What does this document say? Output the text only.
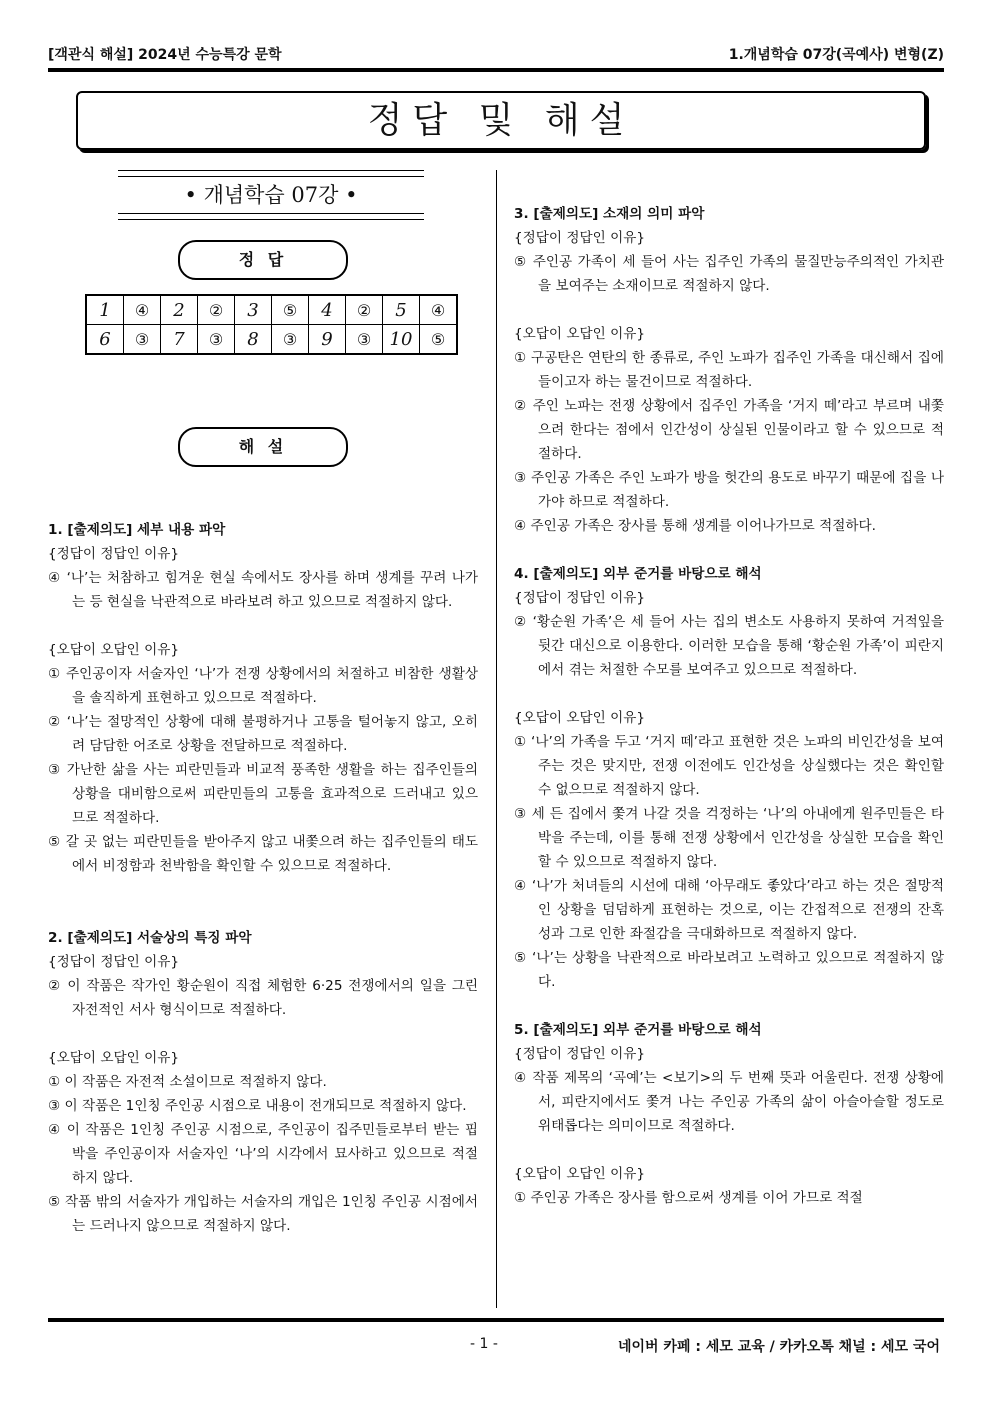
[객관식 해설] 2024년 수능특강 문학	1.개념학습 07강(곡예사) 변형(Z)
정답 및 해설
• 개념학습 07강 •
정 답
1	④	2	②	3	⑤	4	②	5	④
6	③	7	③	8	③	9	③	10	⑤
해 설

1. [출제의도] 세부 내용 파악

{정답이 정답인 이유}

④ ‘나’는 처참하고 힘겨운 현실 속에서도 장사를 하며 생계를 꾸려 나가는 등 현실을 낙관적으로 바라보려 하고 있으므로 적절하지 않다.

{오답이 오답인 이유}

① 주인공이자 서술자인 ‘나’가 전쟁 상황에서의 처절하고 비참한 생활상을 솔직하게 표현하고 있으므로 적절하다.

② ‘나’는 절망적인 상황에 대해 불평하거나 고통을 털어놓지 않고, 오히려 담담한 어조로 상황을 전달하므로 적절하다.

③ 가난한 삶을 사는 피란민들과 비교적 풍족한 생활을 하는 집주인들의 상황을 대비함으로써 피란민들의 고통을 효과적으로 드러내고 있으므로 적절하다.

⑤ 갈 곳 없는 피란민들을 받아주지 않고 내쫓으려 하는 집주인들의 태도에서 비정함과 천박함을 확인할 수 있으므로 적절하다.

2. [출제의도] 서술상의 특징 파악

{정답이 정답인 이유}

② 이 작품은 작가인 황순원이 직접 체험한 6·25 전쟁에서의 일을 그린 자전적인 서사 형식이므로 적절하다.

{오답이 오답인 이유}

① 이 작품은 자전적 소설이므로 적절하지 않다.

③ 이 작품은 1인칭 주인공 시점으로 내용이 전개되므로 적절하지 않다.

④ 이 작품은 1인칭 주인공 시점으로, 주인공이 집주민들로부터 받는 핍박을 주인공이자 서술자인 ‘나’의 시각에서 묘사하고 있으므로 적절하지 않다.

⑤ 작품 밖의 서술자가 개입하는 서술자의 개입은 1인칭 주인공 시점에서는 드러나지 않으므로 적절하지 않다.

3. [출제의도] 소재의 의미 파악

{정답이 정답인 이유}

⑤ 주인공 가족이 세 들어 사는 집주인 가족의 물질만능주의적인 가치관을 보여주는 소재이므로 적절하지 않다.

{오답이 오답인 이유}

① 구공탄은 연탄의 한 종류로, 주인 노파가 집주인 가족을 대신해서 집에 들이고자 하는 물건이므로 적절하다.

② 주인 노파는 전쟁 상황에서 집주인 가족을 ‘거지 떼’라고 부르며 내쫓으려 한다는 점에서 인간성이 상실된 인물이라고 할 수 있으므로 적절하다.

③ 주인공 가족은 주인 노파가 방을 헛간의 용도로 바꾸기 때문에 집을 나가야 하므로 적절하다.

④ 주인공 가족은 장사를 통해 생계를 이어나가므로 적절하다.

4. [출제의도] 외부 준거를 바탕으로 해석

{정답이 정답인 이유}

② ‘황순원 가족’은 세 들어 사는 집의 변소도 사용하지 못하여 거적잎을 뒷간 대신으로 이용한다. 이러한 모습을 통해 ‘황순원 가족’이 피란지에서 겪는 처절한 수모를 보여주고 있으므로 적절하다.

{오답이 오답인 이유}

① ‘나’의 가족을 두고 ‘거지 떼’라고 표현한 것은 노파의 비인간성을 보여주는 것은 맞지만, 전쟁 이전에도 인간성을 상실했다는 것은 확인할 수 없으므로 적절하지 않다.

③ 세 든 집에서 쫓겨 나갈 것을 걱정하는 ‘나’의 아내에게 원주민들은 타박을 주는데, 이를 통해 전쟁 상황에서 인간성을 상실한 모습을 확인할 수 있으므로 적절하지 않다.

④ ‘나’가 처녀들의 시선에 대해 ‘아무래도 좋았다’라고 하는 것은 절망적인 상황을 덤덤하게 표현하는 것으로, 이는 간접적으로 전쟁의 잔혹성과 그로 인한 좌절감을 극대화하므로 적절하지 않다.

⑤ ‘나’는 상황을 낙관적으로 바라보려고 노력하고 있으므로 적절하지 않다.

5. [출제의도] 외부 준거를 바탕으로 해석

{정답이 정답인 이유}

④ 작품 제목의 ‘곡예’는 <보기>의 두 번째 뜻과 어울린다. 전쟁 상황에서, 피란지에서도 쫓겨 나는 주인공 가족의 삶이 아슬아슬할 정도로 위태롭다는 의미이므로 적절하다.

{오답이 오답인 이유}

① 주인공 가족은 장사를 함으로써 생계를 이어 가므로 적절

- 1 -	네이버 카페 : 세모 교육 / 카카오톡 채널 : 세모 국어
